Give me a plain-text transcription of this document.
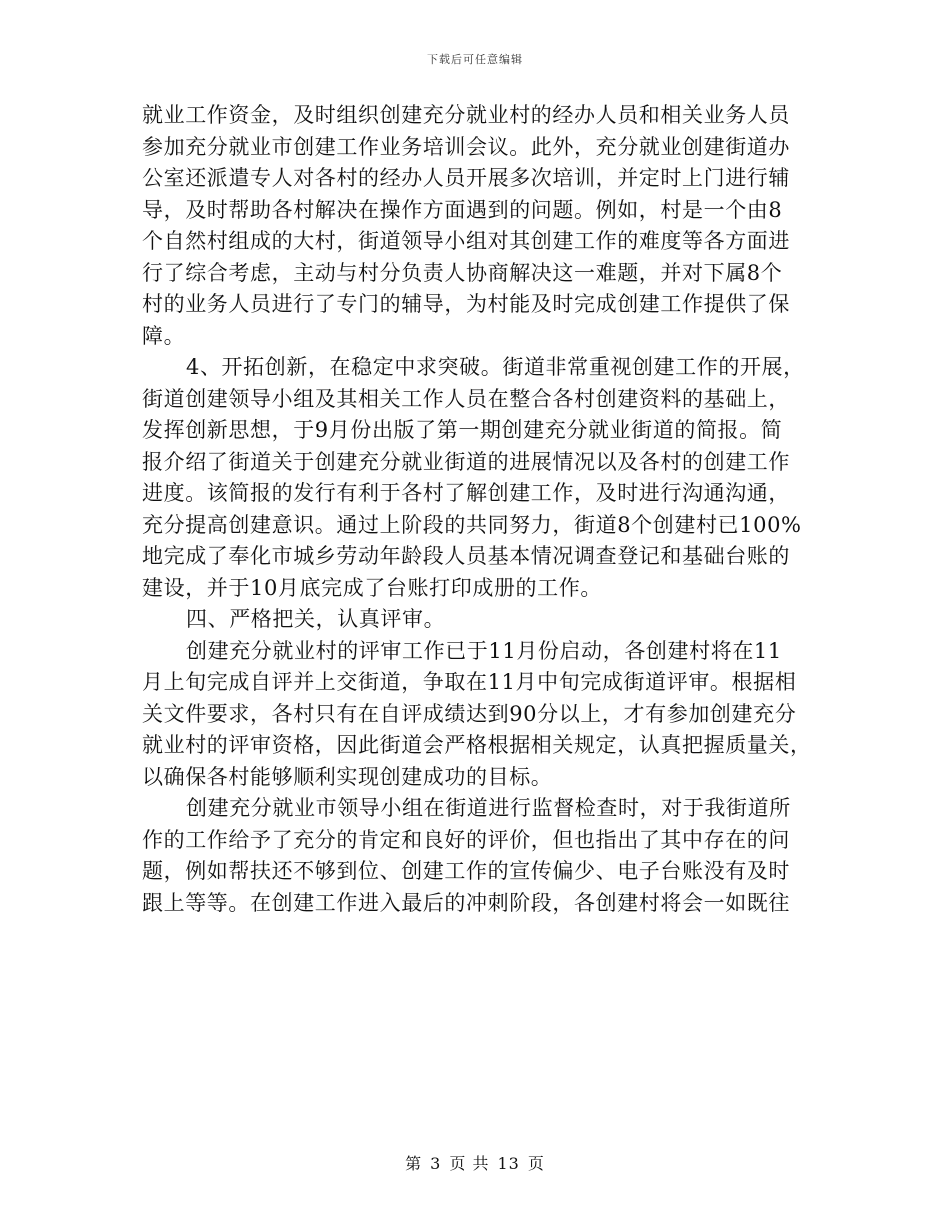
下载后可任意编辑
就业工作资金，及时组织创建充分就业村的经办人员和相关业务人员
参加充分就业市创建工作业务培训会议。此外，充分就业创建街道办
公室还派遣专人对各村的经办人员开展多次培训，并定时上门进行辅
导，及时帮助各村解决在操作方面遇到的问题。例如，村是一个由8
个自然村组成的大村，街道领导小组对其创建工作的难度等各方面进
行了综合考虑，主动与村分负责人协商解决这一难题，并对下属8个
村的业务人员进行了专门的辅导，为村能及时完成创建工作提供了保
障。
4、开拓创新，在稳定中求突破。街道非常重视创建工作的开展，
街道创建领导小组及其相关工作人员在整合各村创建资料的基础上，
发挥创新思想，于9月份出版了第一期创建充分就业街道的简报。简
报介绍了街道关于创建充分就业街道的进展情况以及各村的创建工作
进度。该简报的发行有利于各村了解创建工作，及时进行沟通沟通，
充分提高创建意识。通过上阶段的共同努力，街道8个创建村已100%
地完成了奉化市城乡劳动年龄段人员基本情况调查登记和基础台账的
建设，并于10月底完成了台账打印成册的工作。
四、严格把关，认真评审。
创建充分就业村的评审工作已于11月份启动，各创建村将在11
月上旬完成自评并上交街道，争取在11月中旬完成街道评审。根据相
关文件要求，各村只有在自评成绩达到90分以上，才有参加创建充分
就业村的评审资格，因此街道会严格根据相关规定，认真把握质量关，
以确保各村能够顺利实现创建成功的目标。
创建充分就业市领导小组在街道进行监督检查时，对于我街道所
作的工作给予了充分的肯定和良好的评价，但也指出了其中存在的问
题，例如帮扶还不够到位、创建工作的宣传偏少、电子台账没有及时
跟上等等。在创建工作进入最后的冲刺阶段，各创建村将会一如既往
第 3 页 共 13 页
